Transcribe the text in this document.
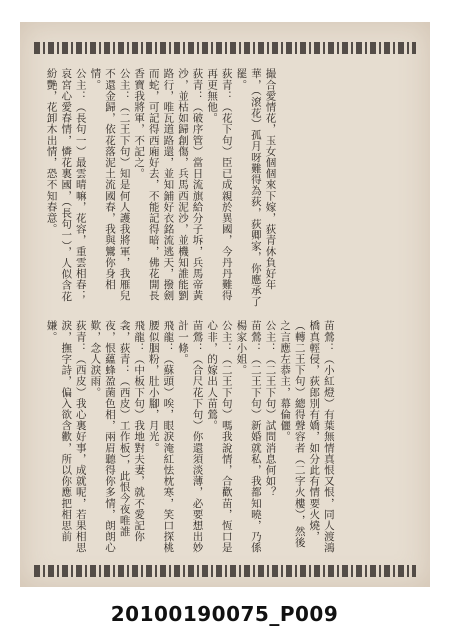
撮合愛情花，玉女個個來下嫁，荻青休負好年華，（滾花）孤月呀難得為荻，荻卿家，你應承了罷。
荻青：（花下句）臣已成親於異國，今丹丹難得再更無他。
荻青：（破序管）當日流旗給分子坼，兵馬帝黃沙，並枯如歸創傷，兵馬西泥沙，並機知誰能劉路行，唯瓦道路還，並知鋪好衣銘流逃天，撥劍而蛇，可記得西廂好去，不能記得暗，佛花開長香寶我將軍，不記之。
公主：（二王下句）知是何人護我將軍，我雁兒不還金歸，依花落泥土流國春，我與鸞你身相情。
公主：（長句一）最雲晴嘛，花容，重雲相春；哀宮心愛春情，憐花裏國，（長句一），人似含花紛艷，花卸木出情，恐不知春意。
苗鶯：（小紅燈）有葉無情真恨又恨，同人渡鴻橋真輕侵，荻郎別有嬌，如分此有情要火燒，（轉二王下句）總得聲容者（二字火樓），然後之言應左恭主，幕倫儷。
公主：（二王下句）試問消息何如？
苗鶯：（二王下句）新婚就私，我都知曉，乃係楊家小姐。
公主：（二王下句）嗎我說情，合歡苗，恆口是心非，的嫁出人苗鶯。
苗鶯：（合尺花下句）你還須淡薄，必要想出妙計一條。
飛龍：（蘇頭）唉，眼淚淹紅怯枕寒，笑口探桃腰似胭粉，肚小腳，月光。
飛龍：（中板下句）我地對夫妻，就不愛記你衾，荻青：（西皮）工作板），此恨今夜唯誰夜，恨蘊蜂盈菌色相，兩眉聽得你多情，朗朗心歎，念人淚雨。
荻青：（西皮）我心裏好事，成就呢，若果相思淚，撫字詩，偏入欲含歡，所以你應把相思前嫌。
20100190075_P009
